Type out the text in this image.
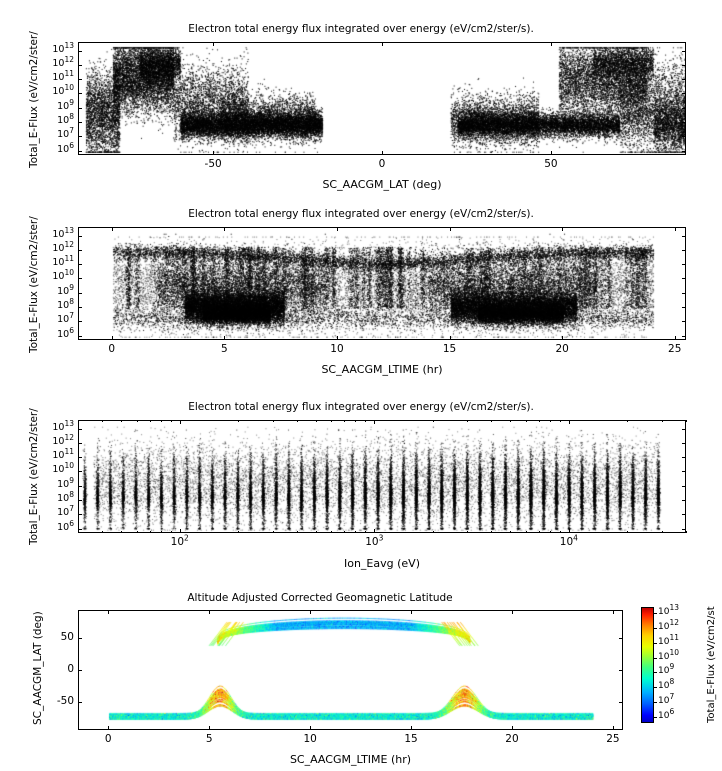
Electron total energy flux integrated over energy (eV/cm2/ster/s).
Total_E-Flux (eV/cm2/ster/
SC_AACGM_LAT (deg)
Electron total energy flux integrated over energy (eV/cm2/ster/s).
Total_E-Flux (eV/cm2/ster/
SC_AACGM_LTIME (hr)
Electron total energy flux integrated over energy (eV/cm2/ster/s).
Total_E-Flux (eV/cm2/ster/
Ion_Eavg (eV)
Altitude Adjusted Corrected Geomagnetic Latitude
SC_AACGM_LAT (deg)
SC_AACGM_LTIME (hr)
Total_E-Flux (eV/cm2/st
-50	0	50
$10^6$
$10^7$
$10^8$
$10^9$
$10^{10}$
$10^{11}$
$10^{12}$
$10^{13}$
0	5	10	15	20	25
$10^6$
$10^7$
$10^8$
$10^9$
$10^{10}$
$10^{11}$
$10^{12}$
$10^{13}$
$10^2$	$10^3$	$10^4$
$10^6$
$10^7$
$10^8$
$10^9$
$10^{10}$
$10^{11}$
$10^{12}$
$10^{13}$
0	5	10	15	20	25
-50
0
50
$10^{13}$
$10^{12}$
$10^{11}$
$10^{10}$
$10^9$
$10^8$
$10^7$
$10^6$
